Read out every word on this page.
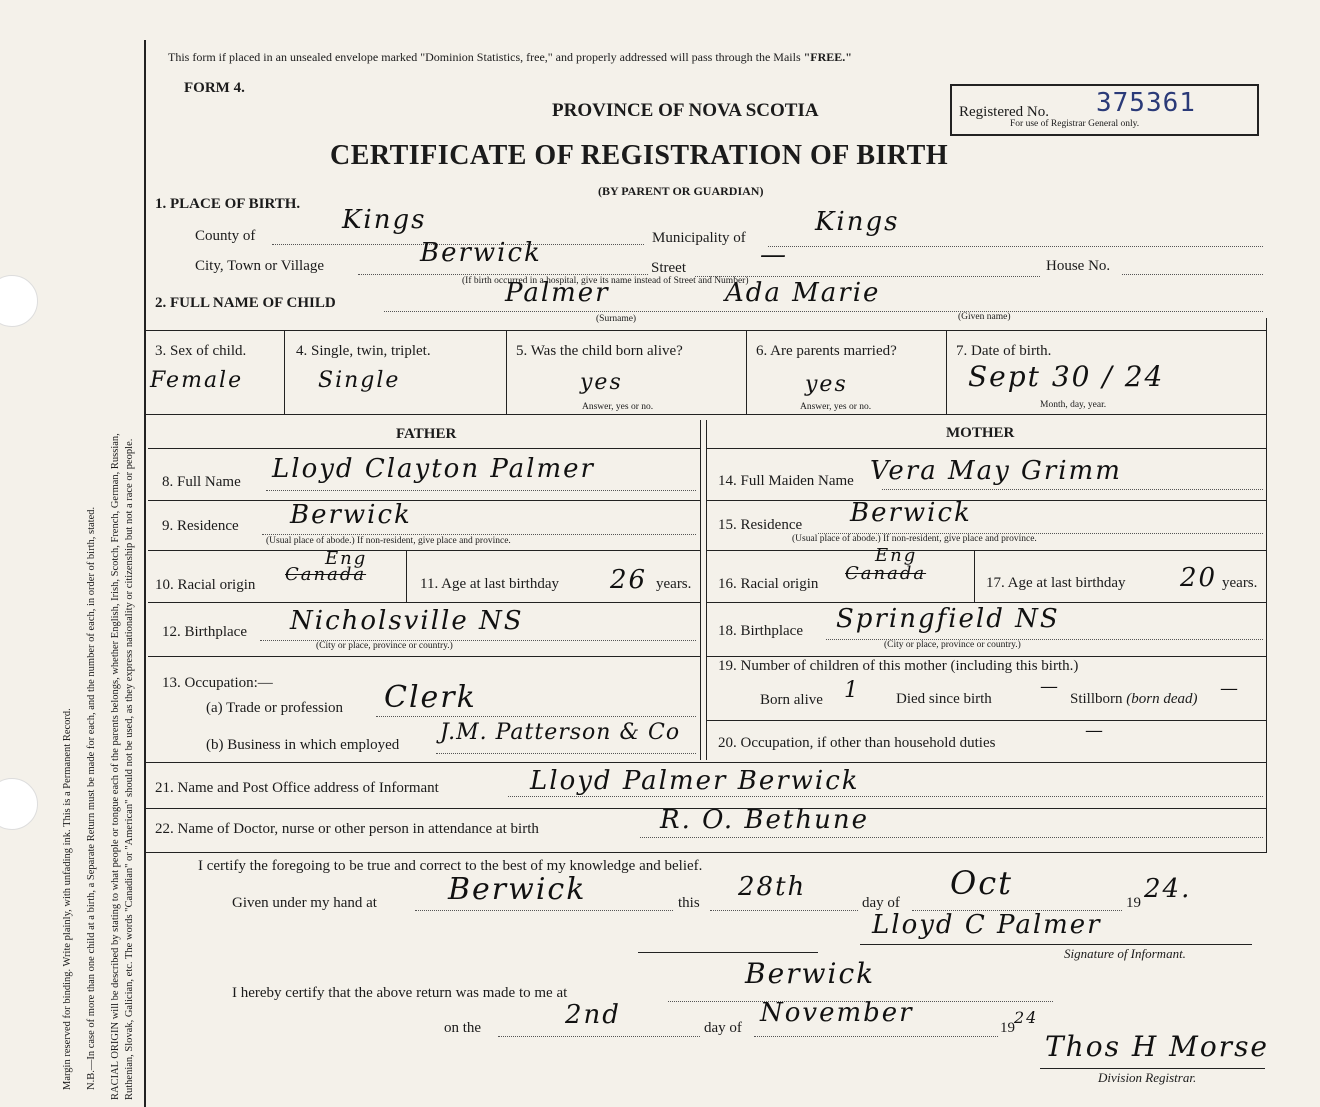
Margin reserved for binding. Write plainly, with unfading ink. This is a Permanent Record. N.B.—In case of more than one child at a birth, a Separate Return must be made for each, and the number of each, in order of birth, stated. RACIAL ORIGIN will be described by stating to what people or tongue each of the parents belongs, whether English, Irish, Scotch, French, German, Russian, Ruthenian, Slovak, Galician, etc. The words "Canadian" or "American" should not be used, as they express nationality or citizenship but not a race or people.
This form if placed in an unsealed envelope marked "Dominion Statistics, free," and properly addressed will pass through the Mails "FREE."
FORM 4.
PROVINCE OF NOVA SCOTIA
CERTIFICATE OF REGISTRATION OF BIRTH
(BY PARENT OR GUARDIAN)
Registered No. 375361
For use of Registrar General only.
1. PLACE OF BIRTH.
County of
Kings
Municipality of
Kings
City, Town or Village	Berwick	Street	—	House No.
(If birth occurred in a hospital, give its name instead of Street and Number)
2. FULL NAME OF CHILD	Palmer	Ada Marie
(Surname)	(Given name)
3. Sex of child.
Female
4. Single, twin, triplet.
Single
5. Was the child born alive?
yes
Answer, yes or no.
6. Are parents married?
yes
Answer, yes or no.
7. Date of birth.
Sept 30 / 24
Month, day, year.
FATHER	MOTHER
8. Full Name Lloyd Clayton Palmer
9. Residence Berwick
(Usual place of abode.) If non-resident, give place and province.
10. Racial origin Canada
Eng
11. Age at last birthday 26 years.
12. Birthplace Nicholsville NS
(City or place, province or country.)
13. Occupation:—
(a) Trade or profession Clerk
(b) Business in which employed J.M. Patterson & Co
14. Full Maiden Name Vera May Grimm
15. Residence Berwick
(Usual place of abode.) If non-resident, give place and province.
16. Racial origin Canada
Eng
17. Age at last birthday 20 years.
18. Birthplace Springfield NS
(City or place, province or country.)
19. Number of children of this mother (including this birth.)
Born alive 1 Died since birth
—
Stillborn (born dead) —
20. Occupation, if other than household duties
—
21. Name and Post Office address of Informant	Lloyd Palmer Berwick
22. Name of Doctor, nurse or other person in attendance at birth	R. O. Bethune
I certify the foregoing to be true and correct to the best of my knowledge and belief.
Given under my hand at Berwick	this
28th
day of
Oct
19 24.
Lloyd C Palmer
Signature of Informant.
I hereby certify that the above return was made to me at
Berwick
on the	2nd	day of November	19
24
Thos H Morse
Division Registrar.
